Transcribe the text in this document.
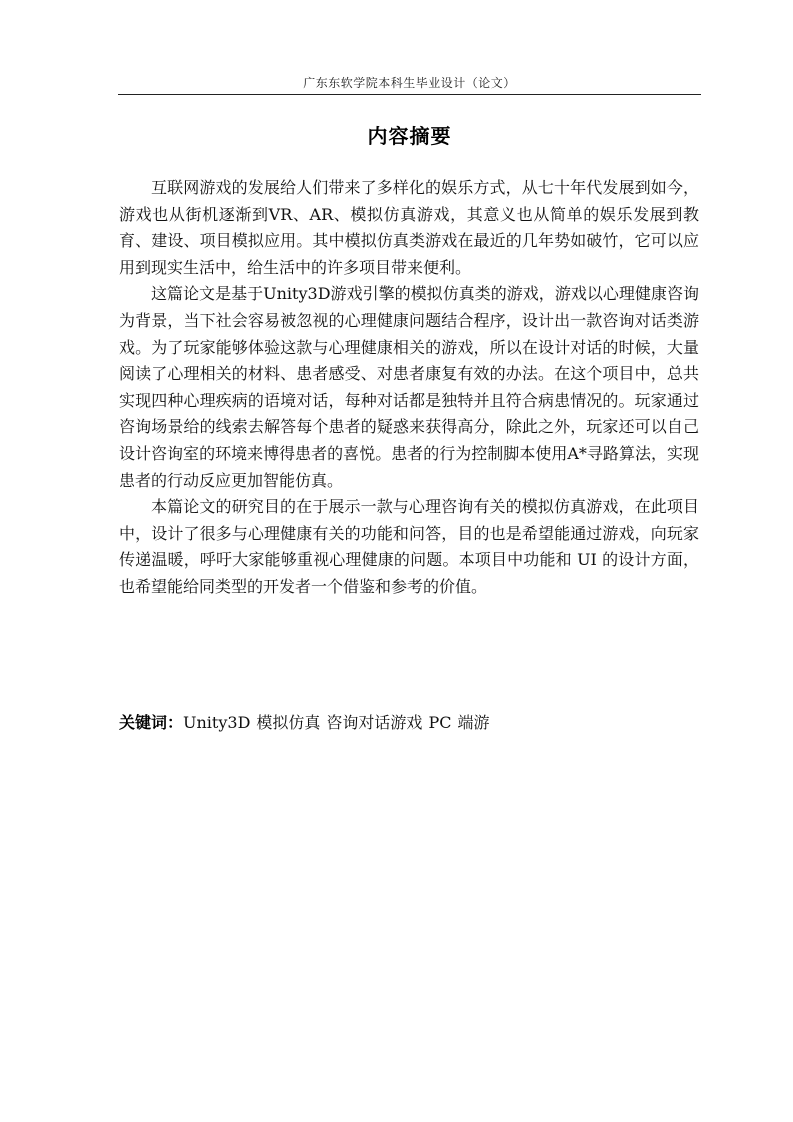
广东东软学院本科生毕业设计（论文）
内容摘要

互联网游戏的发展给人们带来了多样化的娱乐方式，从七十年代发展到如今，游戏也从街机逐渐到VR、AR、模拟仿真游戏，其意义也从简单的娱乐发展到教育、建设、项目模拟应用。其中模拟仿真类游戏在最近的几年势如破竹，它可以应用到现实生活中，给生活中的许多项目带来便利。

这篇论文是基于Unity3D游戏引擎的模拟仿真类的游戏，游戏以心理健康咨询为背景，当下社会容易被忽视的心理健康问题结合程序，设计出一款咨询对话类游戏。为了玩家能够体验这款与心理健康相关的游戏，所以在设计对话的时候，大量阅读了心理相关的材料、患者感受、对患者康复有效的办法。在这个项目中，总共实现四种心理疾病的语境对话，每种对话都是独特并且符合病患情况的。玩家通过咨询场景给的线索去解答每个患者的疑惑来获得高分，除此之外，玩家还可以自己设计咨询室的环境来博得患者的喜悦。患者的行为控制脚本使用A*寻路算法，实现患者的行动反应更加智能仿真。

本篇论文的研究目的在于展示一款与心理咨询有关的模拟仿真游戏，在此项目中，设计了很多与心理健康有关的功能和问答，目的也是希望能通过游戏，向玩家传递温暖，呼吁大家能够重视心理健康的问题。本项目中功能和 UI 的设计方面，也希望能给同类型的开发者一个借鉴和参考的价值。

关键词：Unity3D 模拟仿真 咨询对话游戏 PC 端游
